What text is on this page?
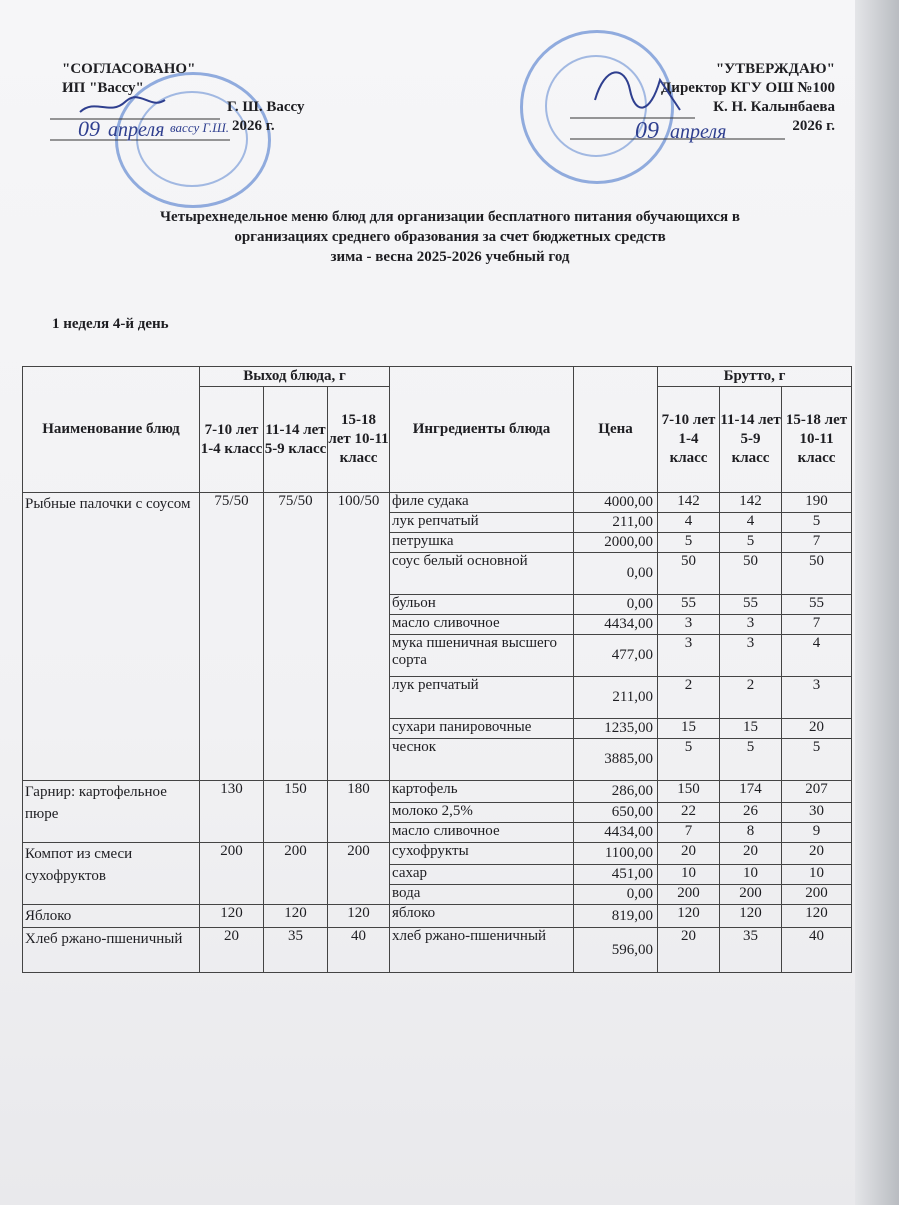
"СОГЛАСОВАНО"
ИП "Вассу"
Г. Ш. Вассу
2026 г.
09 апреля вассу Г.Ш.
"УТВЕРЖДАЮ"
Директор КГУ ОШ №100
К. Н. Калынбаева
2026 г.
09 апреля
Четырехнедельное меню блюд для организации бесплатного питания обучающихся в
организациях среднего образования за счет бюджетных средств
зима - весна 2025-2026 учебный год
1 неделя 4-й день
Наименование блюд	Выход блюда, г			Ингредиенты блюда	Цена	Брутто, г		
	7-10 лет 1-4 класс	11-14 лет 5-9 класс	15-18 лет 10-11 класс			7-10 лет 1-4 класс	11-14 лет 5-9 класс	15-18 лет 10-11 класс
Рыбные палочки с соусом	75/50	75/50	100/50	филе судака	4000,00	142	142	190
				лук репчатый	211,00	4	4	5
				петрушка	2000,00	5	5	7
				соус белый основной	0,00	50	50	50
				бульон	0,00	55	55	55
				масло сливочное	4434,00	3	3	7
				мука пшеничная высшего сорта	477,00	3	3	4
				лук репчатый	211,00	2	2	3
				сухари панировочные	1235,00	15	15	20
				чеснок	3885,00	5	5	5
Гарнир: картофельное пюре	130	150	180	картофель	286,00	150	174	207
				молоко 2,5%	650,00	22	26	30
				масло сливочное	4434,00	7	8	9
Компот из смеси сухофруктов	200	200	200	сухофрукты	1100,00	20	20	20
				сахар	451,00	10	10	10
				вода	0,00	200	200	200
Яблоко	120	120	120	яблоко	819,00	120	120	120
Хлеб ржано-пшеничный	20	35	40	хлеб ржано-пшеничный	596,00	20	35	40
